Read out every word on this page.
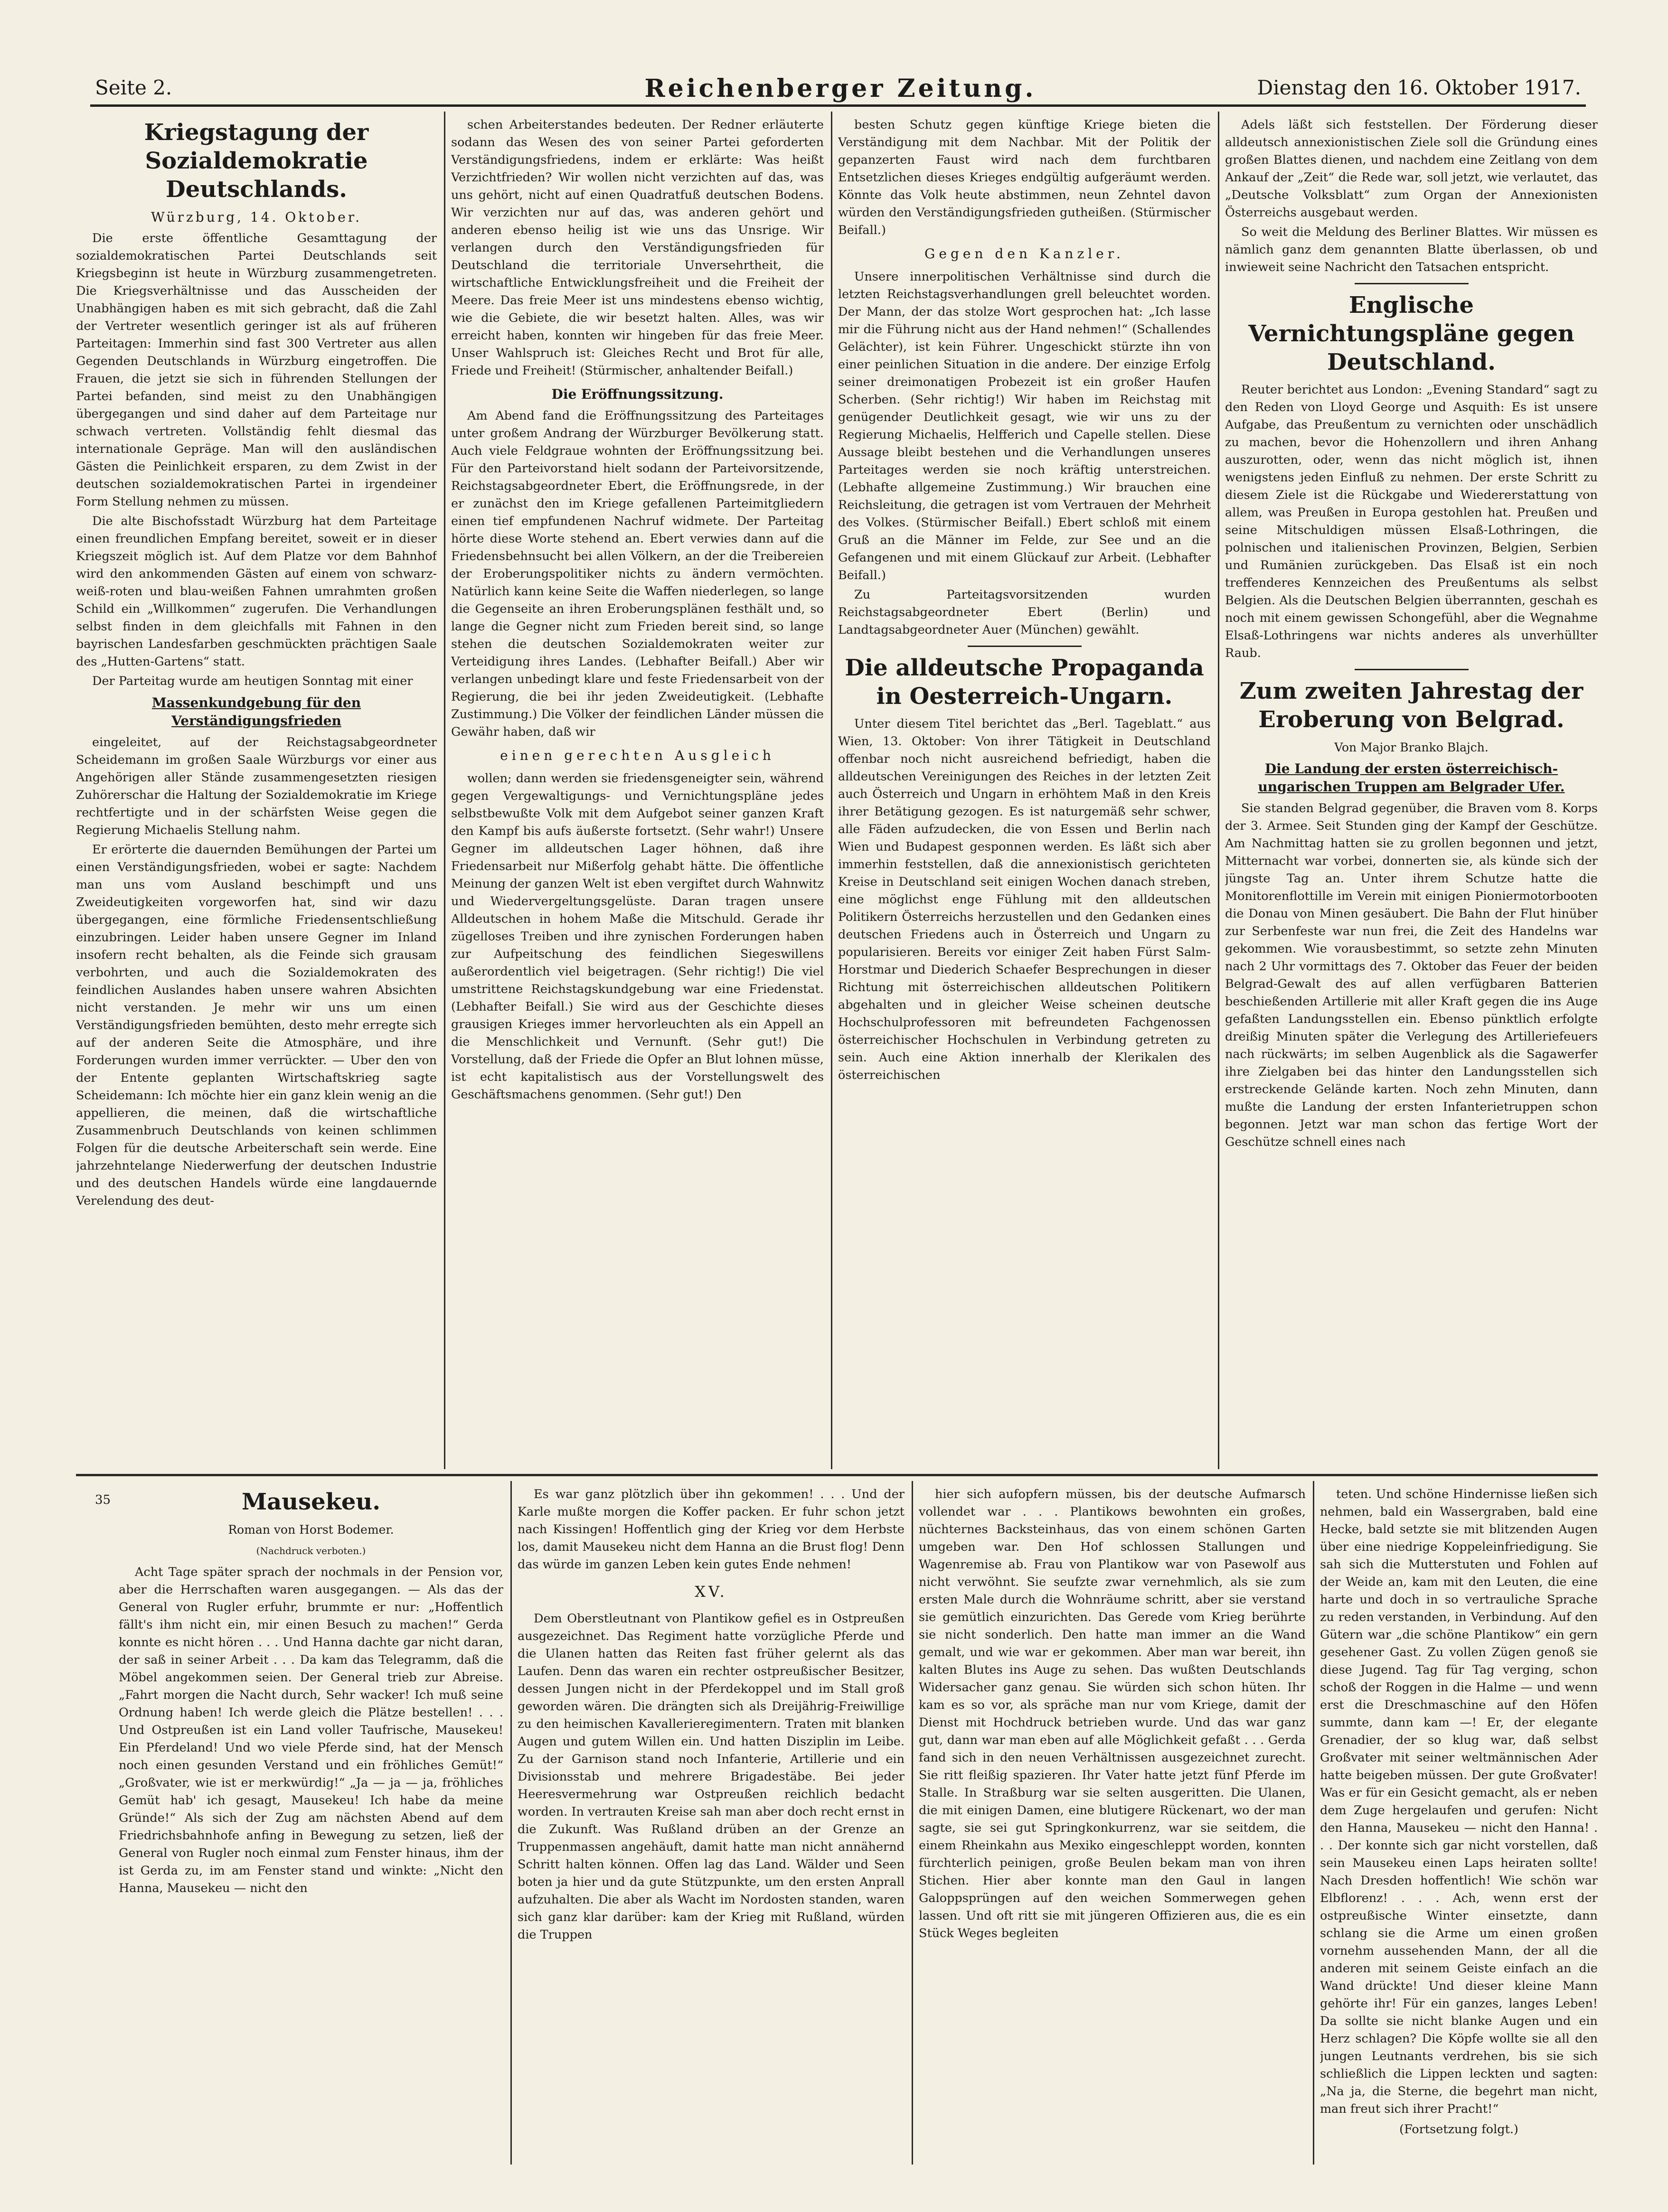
Seite 2.	Reichenberger Zeitung.	Dienstag den 16. Oktober 1917.
Kriegstagung der Sozialdemokratie Deutschlands.
Würzburg, 14. Oktober.

Die erste öffentliche Gesamttagung der sozialdemokratischen Partei Deutschlands seit Kriegsbeginn ist heute in Würzburg zusammengetreten. Die Kriegsverhältnisse und das Ausscheiden der Unabhängigen haben es mit sich gebracht, daß die Zahl der Vertreter wesentlich geringer ist als auf früheren Parteitagen: Immerhin sind fast 300 Vertreter aus allen Gegenden Deutschlands in Würzburg eingetroffen. Die Frauen, die jetzt sie sich in führenden Stellungen der Partei befanden, sind meist zu den Unabhängigen übergegangen und sind daher auf dem Parteitage nur schwach vertreten. Vollständig fehlt diesmal das internationale Gepräge. Man will den ausländischen Gästen die Peinlichkeit ersparen, zu dem Zwist in der deutschen sozialdemokratischen Partei in irgendeiner Form Stellung nehmen zu müssen.

Die alte Bischofsstadt Würzburg hat dem Parteitage einen freundlichen Empfang bereitet, soweit er in dieser Kriegszeit möglich ist. Auf dem Platze vor dem Bahnhof wird den ankommenden Gästen auf einem von schwarz-weiß-roten und blau-weißen Fahnen umrahmten großen Schild ein „Willkommen“ zugerufen. Die Verhandlungen selbst finden in dem gleichfalls mit Fahnen in den bayrischen Landesfarben geschmückten prächtigen Saale des „Hutten-Gartens“ statt.

Der Parteitag wurde am heutigen Sonntag mit einer

Massenkundgebung für den Verständigungsfrieden

eingeleitet, auf der Reichstagsabgeordneter Scheidemann im großen Saale Würzburgs vor einer aus Angehörigen aller Stände zusammengesetzten riesigen Zuhörerschar die Haltung der Sozialdemokratie im Kriege rechtfertigte und in der schärfsten Weise gegen die Regierung Michaelis Stellung nahm.

Er erörterte die dauernden Bemühungen der Partei um einen Verständigungsfrieden, wobei er sagte: Nachdem man uns vom Ausland beschimpft und uns Zweideutigkeiten vorgeworfen hat, sind wir dazu übergegangen, eine förmliche Friedensentschließung einzubringen. Leider haben unsere Gegner im Inland insofern recht behalten, als die Feinde sich grausam verbohrten, und auch die Sozialdemokraten des feindlichen Auslandes haben unsere wahren Absichten nicht verstanden. Je mehr wir uns um einen Verständigungsfrieden bemühten, desto mehr erregte sich auf der anderen Seite die Atmosphäre, und ihre Forderungen wurden immer verrückter. — Uber den von der Entente geplanten Wirtschaftskrieg sagte Scheidemann: Ich möchte hier ein ganz klein wenig an die appellieren, die meinen, daß die wirtschaftliche Zusammenbruch Deutschlands von keinen schlimmen Folgen für die deutsche Arbeiterschaft sein werde. Eine jahrzehntelange Niederwerfung der deutschen Industrie und des deutschen Handels würde eine langdauernde Verelendung des deut-

schen Arbeiterstandes bedeuten. Der Redner erläuterte sodann das Wesen des von seiner Partei geforderten Verständigungsfriedens, indem er erklärte: Was heißt Verzichtfrieden? Wir wollen nicht verzichten auf das, was uns gehört, nicht auf einen Quadratfuß deutschen Bodens. Wir verzichten nur auf das, was anderen gehört und anderen ebenso heilig ist wie uns das Unsrige. Wir verlangen durch den Verständigungsfrieden für Deutschland die territoriale Unversehrtheit, die wirtschaftliche Entwicklungsfreiheit und die Freiheit der Meere. Das freie Meer ist uns mindestens ebenso wichtig, wie die Gebiete, die wir besetzt halten. Alles, was wir erreicht haben, konnten wir hingeben für das freie Meer. Unser Wahlspruch ist: Gleiches Recht und Brot für alle, Friede und Freiheit! (Stürmischer, anhaltender Beifall.)

Die Eröffnungssitzung.

Am Abend fand die Eröffnungssitzung des Parteitages unter großem Andrang der Würzburger Bevölkerung statt. Auch viele Feldgraue wohnten der Eröffnungssitzung bei. Für den Parteivorstand hielt sodann der Parteivorsitzende, Reichstagsabgeordneter Ebert, die Eröffnungsrede, in der er zunächst den im Kriege gefallenen Parteimitgliedern einen tief empfundenen Nachruf widmete. Der Parteitag hörte diese Worte stehend an. Ebert verwies dann auf die Friedensbehnsucht bei allen Völkern, an der die Treibereien der Eroberungspolitiker nichts zu ändern vermöchten. Natürlich kann keine Seite die Waffen niederlegen, so lange die Gegenseite an ihren Eroberungsplänen festhält und, so lange die Gegner nicht zum Frieden bereit sind, so lange stehen die deutschen Sozialdemokraten weiter zur Verteidigung ihres Landes. (Lebhafter Beifall.) Aber wir verlangen unbedingt klare und feste Friedensarbeit von der Regierung, die bei ihr jeden Zweideutigkeit. (Lebhafte Zustimmung.) Die Völker der feindlichen Länder müssen die Gewähr haben, daß wir

einen gerechten Ausgleich

wollen; dann werden sie friedensgeneigter sein, während gegen Vergewaltigungs- und Vernichtungspläne jedes selbstbewußte Volk mit dem Aufgebot seiner ganzen Kraft den Kampf bis aufs äußerste fortsetzt. (Sehr wahr!) Unsere Gegner im alldeutschen Lager höhnen, daß ihre Friedensarbeit nur Mißerfolg gehabt hätte. Die öffentliche Meinung der ganzen Welt ist eben vergiftet durch Wahnwitz und Wiedervergeltungsgelüste. Daran tragen unsere Alldeutschen in hohem Maße die Mitschuld. Gerade ihr zügelloses Treiben und ihre zynischen Forderungen haben zur Aufpeitschung des feindlichen Siegeswillens außerordentlich viel beigetragen. (Sehr richtig!) Die viel umstrittene Reichstagskundgebung war eine Friedenstat. (Lebhafter Beifall.) Sie wird aus der Geschichte dieses grausigen Krieges immer hervorleuchten als ein Appell an die Menschlichkeit und Vernunft. (Sehr gut!) Die Vorstellung, daß der Friede die Opfer an Blut lohnen müsse, ist echt kapitalistisch aus der Vorstellungswelt des Geschäftsmachens genommen. (Sehr gut!) Den

besten Schutz gegen künftige Kriege bieten die Verständigung mit dem Nachbar. Mit der Politik der gepanzerten Faust wird nach dem furchtbaren Entsetzlichen dieses Krieges endgültig aufgeräumt werden. Könnte das Volk heute abstimmen, neun Zehntel davon würden den Verständigungsfrieden gutheißen. (Stürmischer Beifall.)

Gegen den Kanzler.

Unsere innerpolitischen Verhältnisse sind durch die letzten Reichstagsverhandlungen grell beleuchtet worden. Der Mann, der das stolze Wort gesprochen hat: „Ich lasse mir die Führung nicht aus der Hand nehmen!“ (Schallendes Gelächter), ist kein Führer. Ungeschickt stürzte ihn von einer peinlichen Situation in die andere. Der einzige Erfolg seiner dreimonatigen Probezeit ist ein großer Haufen Scherben. (Sehr richtig!) Wir haben im Reichstag mit genügender Deutlichkeit gesagt, wie wir uns zu der Regierung Michaelis, Helfferich und Capelle stellen. Diese Aussage bleibt bestehen und die Verhandlungen unseres Parteitages werden sie noch kräftig unterstreichen. (Lebhafte allgemeine Zustimmung.) Wir brauchen eine Reichsleitung, die getragen ist vom Vertrauen der Mehrheit des Volkes. (Stürmischer Beifall.) Ebert schloß mit einem Gruß an die Männer im Felde, zur See und an die Gefangenen und mit einem Glückauf zur Arbeit. (Lebhafter Beifall.)

Zu Parteitagsvorsitzenden wurden Reichstagsabgeordneter Ebert (Berlin) und Landtagsabgeordneter Auer (München) gewählt.

Die alldeutsche Propaganda in Oesterreich-Ungarn.

Unter diesem Titel berichtet das „Berl. Tageblatt.“ aus Wien, 13. Oktober: Von ihrer Tätigkeit in Deutschland offenbar noch nicht ausreichend befriedigt, haben die alldeutschen Vereinigungen des Reiches in der letzten Zeit auch Österreich und Ungarn in erhöhtem Maß in den Kreis ihrer Betätigung gezogen. Es ist naturgemäß sehr schwer, alle Fäden aufzudecken, die von Essen und Berlin nach Wien und Budapest gesponnen werden. Es läßt sich aber immerhin feststellen, daß die annexionistisch gerichteten Kreise in Deutschland seit einigen Wochen danach streben, eine möglichst enge Fühlung mit den alldeutschen Politikern Österreichs herzustellen und den Gedanken eines deutschen Friedens auch in Österreich und Ungarn zu popularisieren. Bereits vor einiger Zeit haben Fürst Salm-Horstmar und Diederich Schaefer Besprechungen in dieser Richtung mit österreichischen alldeutschen Politikern abgehalten und in gleicher Weise scheinen deutsche Hochschulprofessoren mit befreundeten Fachgenossen österreichischer Hochschulen in Verbindung getreten zu sein. Auch eine Aktion innerhalb der Klerikalen des österreichischen

Adels läßt sich feststellen. Der Förderung dieser alldeutsch annexionistischen Ziele soll die Gründung eines großen Blattes dienen, und nachdem eine Zeitlang von dem Ankauf der „Zeit“ die Rede war, soll jetzt, wie verlautet, das „Deutsche Volksblatt“ zum Organ der Annexionisten Österreichs ausgebaut werden.

So weit die Meldung des Berliner Blattes. Wir müssen es nämlich ganz dem genannten Blatte überlassen, ob und inwieweit seine Nachricht den Tatsachen entspricht.

Englische Vernichtungspläne gegen Deutschland.

Reuter berichtet aus London: „Evening Standard“ sagt zu den Reden von Lloyd George und Asquith: Es ist unsere Aufgabe, das Preußentum zu vernichten oder unschädlich zu machen, bevor die Hohenzollern und ihren Anhang auszurotten, oder, wenn das nicht möglich ist, ihnen wenigstens jeden Einfluß zu nehmen. Der erste Schritt zu diesem Ziele ist die Rückgabe und Wiedererstattung von allem, was Preußen in Europa gestohlen hat. Preußen und seine Mitschuldigen müssen Elsaß-Lothringen, die polnischen und italienischen Provinzen, Belgien, Serbien und Rumänien zurückgeben. Das Elsaß ist ein noch treffenderes Kennzeichen des Preußentums als selbst Belgien. Als die Deutschen Belgien überrannten, geschah es noch mit einem gewissen Schongefühl, aber die Wegnahme Elsaß-Lothringens war nichts anderes als unverhüllter Raub.

Zum zweiten Jahrestag der Eroberung von Belgrad.
Von Major Branko Blajch.
Die Landung der ersten österreichisch-ungarischen Truppen am Belgrader Ufer.

Sie standen Belgrad gegenüber, die Braven vom 8. Korps der 3. Armee. Seit Stunden ging der Kampf der Geschütze. Am Nachmittag hatten sie zu grollen begonnen und jetzt, Mitternacht war vorbei, donnerten sie, als künde sich der jüngste Tag an. Unter ihrem Schutze hatte die Monitorenflottille im Verein mit einigen Pioniermotorbooten die Donau von Minen gesäubert. Die Bahn der Flut hinüber zur Serbenfeste war nun frei, die Zeit des Handelns war gekommen. Wie vorausbestimmt, so setzte zehn Minuten nach 2 Uhr vormittags des 7. Oktober das Feuer der beiden Belgrad-Gewalt des auf allen verfügbaren Batterien beschießenden Artillerie mit aller Kraft gegen die ins Auge gefaßten Landungsstellen ein. Ebenso pünktlich erfolgte dreißig Minuten später die Verlegung des Artilleriefeuers nach rückwärts; im selben Augenblick als die Sagawerfer ihre Zielgaben bei das hinter den Landungsstellen sich erstreckende Gelände karten. Noch zehn Minuten, dann mußte die Landung der ersten Infanterietruppen schon begonnen. Jetzt war man schon das fertige Wort der Geschütze schnell eines nach

35	Mausekeu.
Roman von Horst Bodemer.
(Nachdruck verboten.)

Acht Tage später sprach der nochmals in der Pension vor, aber die Herrschaften waren ausgegangen. — Als das der General von Rugler erfuhr, brummte er nur: „Hoffentlich fällt's ihm nicht ein, mir einen Besuch zu machen!“ Gerda konnte es nicht hören . . . Und Hanna dachte gar nicht daran, der saß in seiner Arbeit . . . Da kam das Telegramm, daß die Möbel angekommen seien. Der General trieb zur Abreise. „Fahrt morgen die Nacht durch, Sehr wacker! Ich muß seine Ordnung haben! Ich werde gleich die Plätze bestellen! . . . Und Ostpreußen ist ein Land voller Taufrische, Mausekeu! Ein Pferdeland! Und wo viele Pferde sind, hat der Mensch noch einen gesunden Verstand und ein fröhliches Gemüt!“ „Großvater, wie ist er merkwürdig!“ „Ja — ja — ja, fröhliches Gemüt hab' ich gesagt, Mausekeu! Ich habe da meine Gründe!“ Als sich der Zug am nächsten Abend auf dem Friedrichsbahnhofe anfing in Bewegung zu setzen, ließ der General von Rugler noch einmal zum Fenster hinaus, ihm der ist Gerda zu, im am Fenster stand und winkte: „Nicht den Hanna, Mausekeu — nicht den

Es war ganz plötzlich über ihn gekommen! . . . Und der Karle mußte morgen die Koffer packen. Er fuhr schon jetzt nach Kissingen! Hoffentlich ging der Krieg vor dem Herbste los, damit Mausekeu nicht dem Hanna an die Brust flog! Denn das würde im ganzen Leben kein gutes Ende nehmen!

XV.

Dem Oberstleutnant von Plantikow gefiel es in Ostpreußen ausgezeichnet. Das Regiment hatte vorzügliche Pferde und die Ulanen hatten das Reiten fast früher gelernt als das Laufen. Denn das waren ein rechter ostpreußischer Besitzer, dessen Jungen nicht in der Pferdekoppel und im Stall groß geworden wären. Die drängten sich als Dreijährig-Freiwillige zu den heimischen Kavallerieregimentern. Traten mit blanken Augen und gutem Willen ein. Und hatten Disziplin im Leibe. Zu der Garnison stand noch Infanterie, Artillerie und ein Divisionsstab und mehrere Brigadestäbe. Bei jeder Heeresvermehrung war Ostpreußen reichlich bedacht worden. In vertrauten Kreise sah man aber doch recht ernst in die Zukunft. Was Rußland drüben an der Grenze an Truppenmassen angehäuft, damit hatte man nicht annähernd Schritt halten können. Offen lag das Land. Wälder und Seen boten ja hier und da gute Stützpunkte, um den ersten Anprall aufzuhalten. Die aber als Wacht im Nordosten standen, waren sich ganz klar darüber: kam der Krieg mit Rußland, würden die Truppen

hier sich aufopfern müssen, bis der deutsche Aufmarsch vollendet war . . . Plantikows bewohnten ein großes, nüchternes Backsteinhaus, das von einem schönen Garten umgeben war. Den Hof schlossen Stallungen und Wagenremise ab. Frau von Plantikow war von Pasewolf aus nicht verwöhnt. Sie seufzte zwar vernehmlich, als sie zum ersten Male durch die Wohnräume schritt, aber sie verstand sie gemütlich einzurichten. Das Gerede vom Krieg berührte sie nicht sonderlich. Den hatte man immer an die Wand gemalt, und wie war er gekommen. Aber man war bereit, ihn kalten Blutes ins Auge zu sehen. Das wußten Deutschlands Widersacher ganz genau. Sie würden sich schon hüten. Ihr kam es so vor, als spräche man nur vom Kriege, damit der Dienst mit Hochdruck betrieben wurde. Und das war ganz gut, dann war man eben auf alle Möglichkeit gefaßt . . . Gerda fand sich in den neuen Verhältnissen ausgezeichnet zurecht. Sie ritt fleißig spazieren. Ihr Vater hatte jetzt fünf Pferde im Stalle. In Straßburg war sie selten ausgeritten. Die Ulanen, die mit einigen Damen, eine blutigere Rückenart, wo der man sagte, sie sei gut Springkonkurrenz, war sie seitdem, die einem Rheinkahn aus Mexiko eingeschleppt worden, konnten fürchterlich peinigen, große Beulen bekam man von ihren Stichen. Hier aber konnte man den Gaul in langen Galoppsprüngen auf den weichen Sommerwegen gehen lassen. Und oft ritt sie mit jüngeren Offizieren aus, die es ein Stück Weges begleiten

teten. Und schöne Hindernisse ließen sich nehmen, bald ein Wassergraben, bald eine Hecke, bald setzte sie mit blitzenden Augen über eine niedrige Koppeleinfriedigung. Sie sah sich die Mutterstuten und Fohlen auf der Weide an, kam mit den Leuten, die eine harte und doch in so vertrauliche Sprache zu reden verstanden, in Verbindung. Auf den Gütern war „die schöne Plantikow“ ein gern gesehener Gast. Zu vollen Zügen genoß sie diese Jugend. Tag für Tag verging, schon schoß der Roggen in die Halme — und wenn erst die Dreschmaschine auf den Höfen summte, dann kam —! Er, der elegante Grenadier, der so klug war, daß selbst Großvater mit seiner weltmännischen Ader hatte beigeben müssen. Der gute Großvater! Was er für ein Gesicht gemacht, als er neben dem Zuge hergelaufen und gerufen: Nicht den Hanna, Mausekeu — nicht den Hanna! . . . Der konnte sich gar nicht vorstellen, daß sein Mausekeu einen Laps heiraten sollte! Nach Dresden hoffentlich! Wie schön war Elbflorenz! . . . Ach, wenn erst der ostpreußische Winter einsetzte, dann schlang sie die Arme um einen großen vornehm aussehenden Mann, der all die anderen mit seinem Geiste einfach an die Wand drückte! Und dieser kleine Mann gehörte ihr! Für ein ganzes, langes Leben! Da sollte sie nicht blanke Augen und ein Herz schlagen? Die Köpfe wollte sie all den jungen Leutnants verdrehen, bis sie sich schließlich die Lippen leckten und sagten: „Na ja, die Sterne, die begehrt man nicht, man freut sich ihrer Pracht!“

(Fortsetzung folgt.)
